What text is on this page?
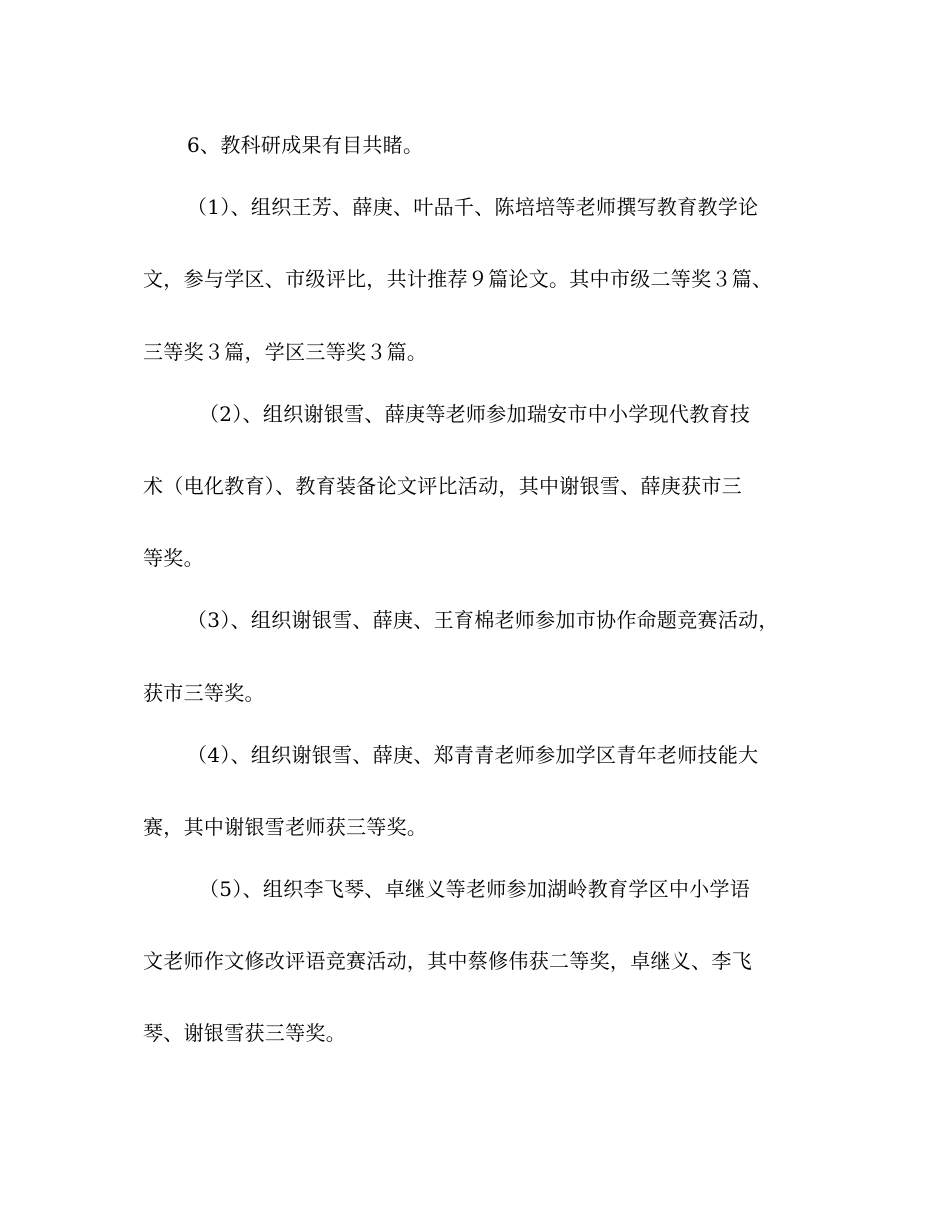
6、教科研成果有目共睹。
（1）、组织王芳、薛庚、叶品千、陈培培等老师撰写教育教学论
文，参与学区、市级评比，共计推荐９篇论文。其中市级二等奖３篇、
三等奖３篇，学区三等奖３篇。
（2）、组织谢银雪、薛庚等老师参加瑞安市中小学现代教育技
术（电化教育）、教育装备论文评比活动，其中谢银雪、薛庚获市三
等奖。
（3）、组织谢银雪、薛庚、王育棉老师参加市协作命题竞赛活动，
获市三等奖。
（4）、组织谢银雪、薛庚、郑青青老师参加学区青年老师技能大
赛，其中谢银雪老师获三等奖。
（5）、组织李飞琴、卓继义等老师参加湖岭教育学区中小学语
文老师作文修改评语竞赛活动，其中蔡修伟获二等奖，卓继义、李飞
琴、谢银雪获三等奖。
